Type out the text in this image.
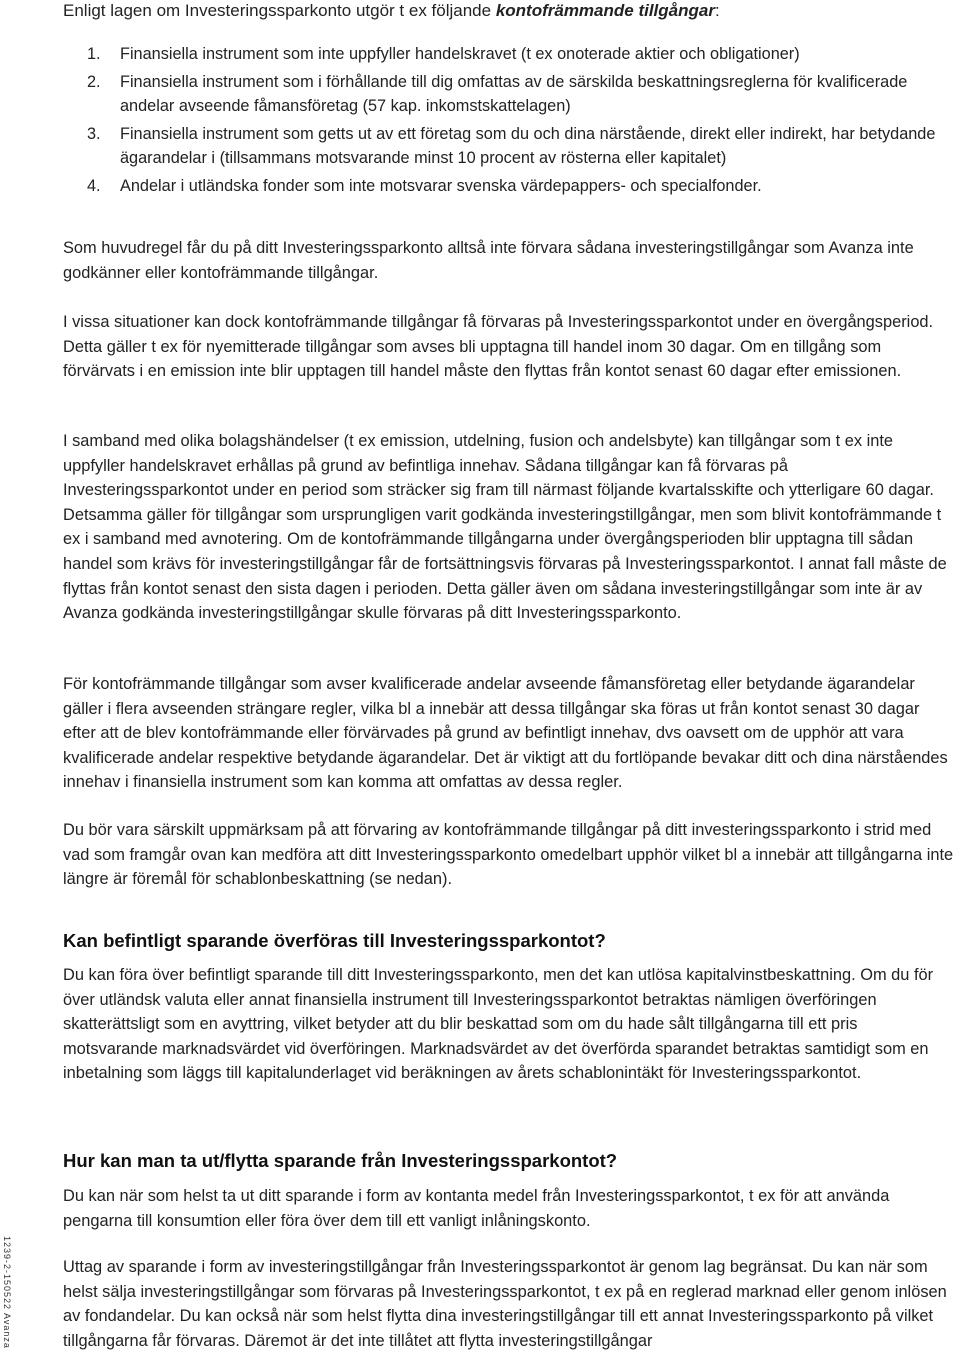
Enligt lagen om Investeringssparkonto utgör t ex följande kontofrämmande tillgångar:

1. Finansiella instrument som inte uppfyller handelskravet (t ex onoterade aktier och obligationer)
2. Finansiella instrument som i förhållande till dig omfattas av de särskilda beskattningsreglerna för kvalificerade andelar avseende fåmansföretag (57 kap. inkomstskattelagen)
3. Finansiella instrument som getts ut av ett företag som du och dina närstående, direkt eller indirekt, har betydande ägarandelar i (tillsammans motsvarande minst 10 procent av rösterna eller kapitalet)
4. Andelar i utländska fonder som inte motsvarar svenska värdepappers- och specialfonder.

Som huvudregel får du på ditt Investeringssparkonto alltså inte förvara sådana investeringstillgångar som Avanza inte godkänner eller kontofrämmande tillgångar.

I vissa situationer kan dock kontofrämmande tillgångar få förvaras på Investeringssparkontot under en övergångsperiod. Detta gäller t ex för nyemitterade tillgångar som avses bli upptagna till handel inom 30 dagar. Om en tillgång som förvärvats i en emission inte blir upptagen till handel måste den flyttas från kontot senast 60 dagar efter emissionen.

I samband med olika bolagshändelser (t ex emission, utdelning, fusion och andelsbyte) kan tillgångar som t ex inte uppfyller handelskravet erhållas på grund av befintliga innehav. Sådana tillgångar kan få förvaras på Investeringssparkontot under en period som sträcker sig fram till närmast följande kvartalsskifte och ytterligare 60 dagar. Detsamma gäller för tillgångar som ursprungligen varit godkända investeringstillgångar, men som blivit kontofrämmande t ex i samband med avnotering. Om de kontofrämmande tillgångarna under övergångsperioden blir upptagna till sådan handel som krävs för investeringstillgångar får de fortsättningsvis förvaras på Investeringssparkontot. I annat fall måste de flyttas från kontot senast den sista dagen i perioden. Detta gäller även om sådana investeringstillgångar som inte är av Avanza godkända investeringstillgångar skulle förvaras på ditt Investeringssparkonto.

För kontofrämmande tillgångar som avser kvalificerade andelar avseende fåmansföretag eller betydande ägarandelar gäller i flera avseenden strängare regler, vilka bl a innebär att dessa tillgångar ska föras ut från kontot senast 30 dagar efter att de blev kontofrämmande eller förvärvades på grund av befintligt innehav, dvs oavsett om de upphör att vara kvalificerade andelar respektive betydande ägarandelar. Det är viktigt att du fortlöpande bevakar ditt och dina närståendes innehav i finansiella instrument som kan komma att omfattas av dessa regler.

Du bör vara särskilt uppmärksam på att förvaring av kontofrämmande tillgångar på ditt investeringssparkonto i strid med vad som framgår ovan kan medföra att ditt Investeringssparkonto omedelbart upphör vilket bl a innebär att tillgångarna inte längre är föremål för schablonbeskattning (se nedan).

Kan befintligt sparande överföras till Investeringssparkontot?

Du kan föra över befintligt sparande till ditt Investeringssparkonto, men det kan utlösa kapitalvinstbeskattning. Om du för över utländsk valuta eller annat finansiella instrument till Investeringssparkontot betraktas nämligen överföringen skatterättsligt som en avyttring, vilket betyder att du blir beskattad som om du hade sålt tillgångarna till ett pris motsvarande marknadsvärdet vid överföringen. Marknadsvärdet av det överförda sparandet betraktas samtidigt som en inbetalning som läggs till kapitalunderlaget vid beräkningen av årets schablonintäkt för Investeringssparkontot.

Hur kan man ta ut/flytta sparande från Investeringssparkontot?

Du kan när som helst ta ut ditt sparande i form av kontanta medel från Investeringssparkontot, t ex för att använda pengarna till konsumtion eller föra över dem till ett vanligt inlåningskonto.

Uttag av sparande i form av investeringstillgångar från Investeringssparkontot är genom lag begränsat. Du kan när som helst sälja investeringstillgångar som förvaras på Investeringssparkontot, t ex på en reglerad marknad eller genom inlösen av fondandelar. Du kan också när som helst flytta dina investeringstillgångar till ett annat Investeringssparkonto på vilket tillgångarna får förvaras. Däremot är det inte tillåtet att flytta investeringstillgångar

1239-2-150522 Avanza
